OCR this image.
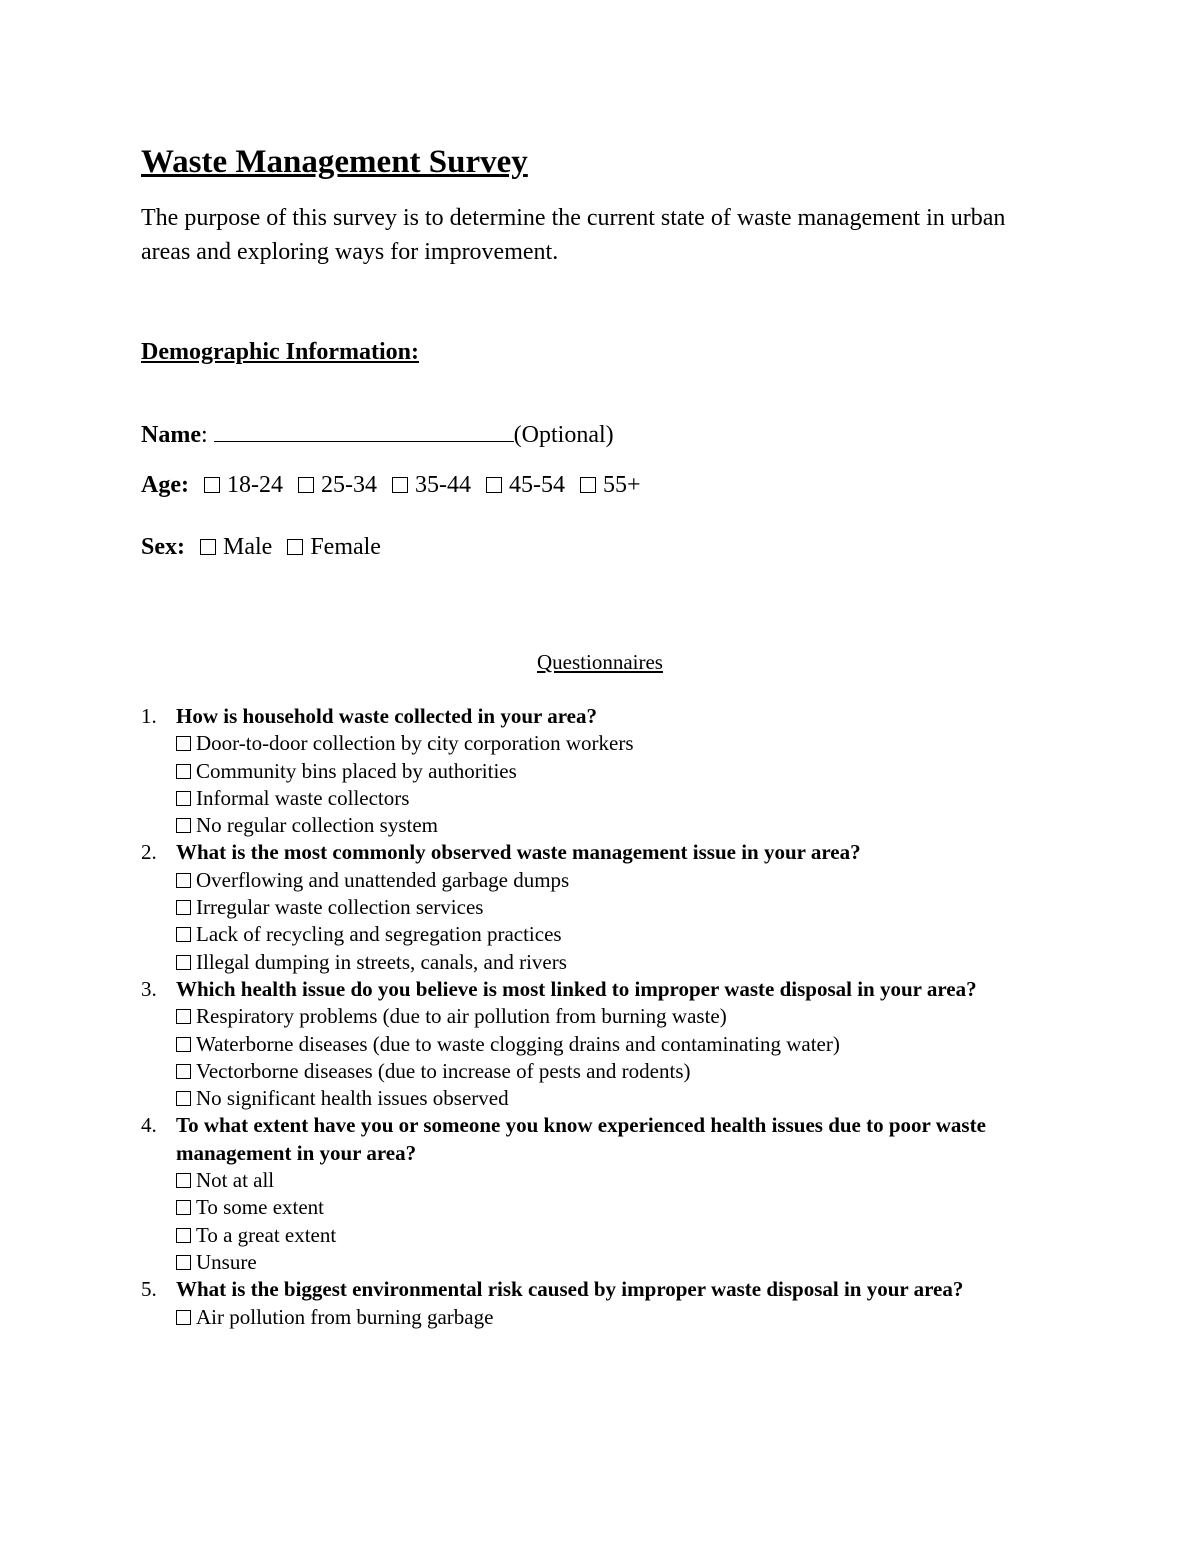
Waste Management Survey
The purpose of this survey is to determine the current state of waste management in urban areas and exploring ways for improvement.
Demographic Information:
Name:	(Optional)
Age: 18-24 25-34 35-44 45-54 55+
Sex: Male Female
Questionnaires
1. How is household waste collected in your area?
Door-to-door collection by city corporation workers
Community bins placed by authorities
Informal waste collectors
No regular collection system
2. What is the most commonly observed waste management issue in your area?
Overflowing and unattended garbage dumps
Irregular waste collection services
Lack of recycling and segregation practices
Illegal dumping in streets, canals, and rivers
3. Which health issue do you believe is most linked to improper waste disposal in your area?
Respiratory problems (due to air pollution from burning waste)
Waterborne diseases (due to waste clogging drains and contaminating water)
Vectorborne diseases (due to increase of pests and rodents)
No significant health issues observed
4. To what extent have you or someone you know experienced health issues due to poor waste management in your area?
Not at all
To some extent
To a great extent
Unsure
5. What is the biggest environmental risk caused by improper waste disposal in your area?
Air pollution from burning garbage
